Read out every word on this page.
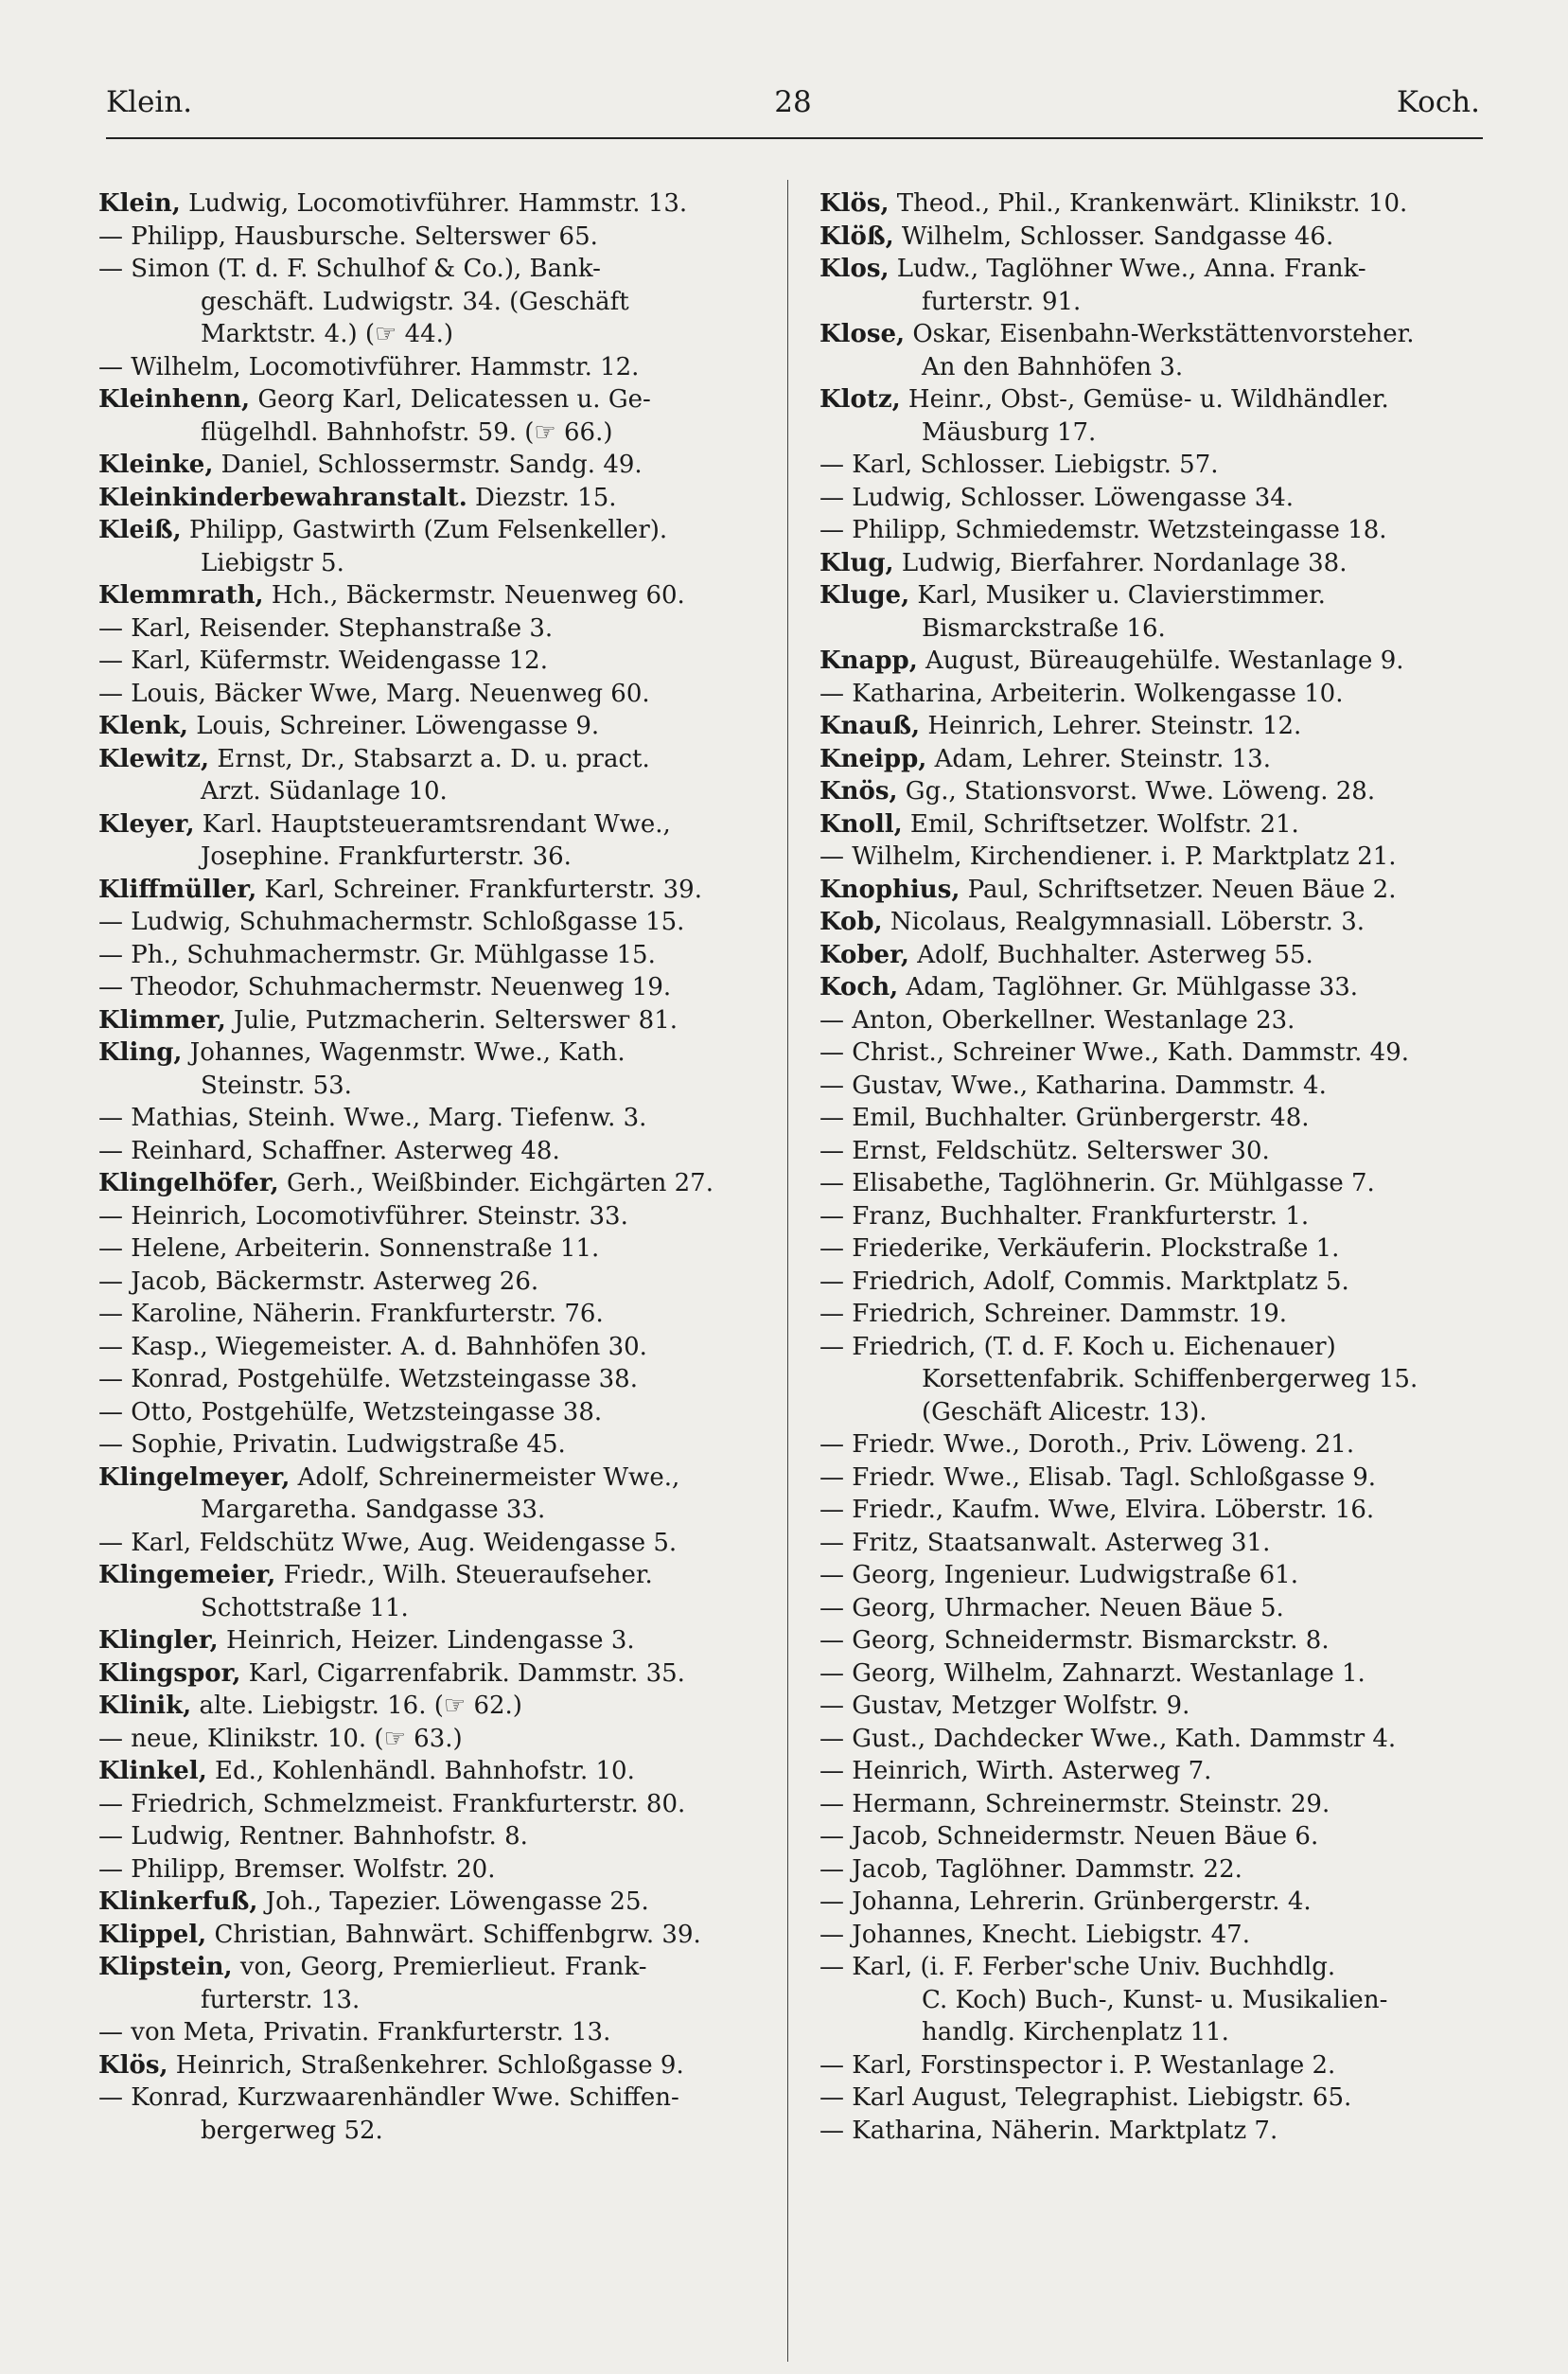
Klein.	28	Koch.
Klein, Ludwig, Locomotivführer. Hammstr. 13.
— Philipp, Hausbursche. Selterswег 65.
— Simon (T. d. F. Schulhof & Co.), Bank-
geschäft. Ludwigstr. 34. (Geschäft
Marktstr. 4.) (☞ 44.)
— Wilhelm, Locomotivführer. Hammstr. 12.
Kleinhenn, Georg Karl, Delicatessen u. Ge-
flügelhdl. Bahnhofstr. 59. (☞ 66.)
Kleinke, Daniel, Schlossermstr. Sandg. 49.
Kleinkinderbewahranstalt. Diezstr. 15.
Kleiß, Philipp, Gastwirth (Zum Felsenkeller).
Liebigstr 5.
Klemmrath, Hch., Bäckermstr. Neuenweg 60.
— Karl, Reisender. Stephanstraße 3.
— Karl, Küfermstr. Weidengasse 12.
— Louis, Bäcker Wwe, Marg. Neuenweg 60.
Klenk, Louis, Schreiner. Löwengasse 9.
Klewitz, Ernst, Dr., Stabsarzt a. D. u. pract.
Arzt. Südanlage 10.
Kleyer, Karl. Hauptsteueramtsrendant Wwe.,
Josephine. Frankfurterstr. 36.
Kliffmüller, Karl, Schreiner. Frankfurterstr. 39.
— Ludwig, Schuhmachermstr. Schloßgasse 15.
— Ph., Schuhmachermstr. Gr. Mühlgasse 15.
— Theodor, Schuhmachermstr. Neuenweg 19.
Klimmer, Julie, Putzmacherin. Selterswег 81.
Kling, Johannes, Wagenmstr. Wwe., Kath.
Steinstr. 53.
— Mathias, Steinh. Wwe., Marg. Tiefenw. 3.
— Reinhard, Schaffner. Asterweg 48.
Klingelhöfer, Gerh., Weißbinder. Eichgärten 27.
— Heinrich, Locomotivführer. Steinstr. 33.
— Helene, Arbeiterin. Sonnenstraße 11.
— Jacob, Bäckermstr. Asterweg 26.
— Karoline, Näherin. Frankfurterstr. 76.
— Kasp., Wiegemeister. A. d. Bahnhöfen 30.
— Konrad, Postgehülfe. Wetzsteingasse 38.
— Otto, Postgehülfe, Wetzsteingasse 38.
— Sophie, Privatin. Ludwigstraße 45.
Klingelmeyer, Adolf, Schreinermeister Wwe.,
Margaretha. Sandgasse 33.
— Karl, Feldschütz Wwe, Aug. Weidengasse 5.
Klingemeier, Friedr., Wilh. Steueraufseher.
Schottstraße 11.
Klingler, Heinrich, Heizer. Lindengasse 3.
Klingspor, Karl, Cigarrenfabrik. Dammstr. 35.
Klinik, alte. Liebigstr. 16. (☞ 62.)
— neue, Klinikstr. 10. (☞ 63.)
Klinkel, Ed., Kohlenhändl. Bahnhofstr. 10.
— Friedrich, Schmelzmeist. Frankfurterstr. 80.
— Ludwig, Rentner. Bahnhofstr. 8.
— Philipp, Bremser. Wolfstr. 20.
Klinkerfuß, Joh., Tapezier. Löwengasse 25.
Klippel, Christian, Bahnwärt. Schiffenbgrw. 39.
Klipstein, von, Georg, Premierlieut. Frank-
furterstr. 13.
— von Meta, Privatin. Frankfurterstr. 13.
Klös, Heinrich, Straßenkehrer. Schloßgasse 9.
— Konrad, Kurzwaarenhändler Wwe. Schiffen-
bergerweg 52.
Klös, Theod., Phil., Krankenwärt. Klinikstr. 10.
Klöß, Wilhelm, Schlosser. Sandgasse 46.
Klos, Ludw., Taglöhner Wwe., Anna. Frank-
furterstr. 91.
Klose, Oskar, Eisenbahn-Werkstättenvorsteher.
An den Bahnhöfen 3.
Klotz, Heinr., Obst-, Gemüse- u. Wildhändler.
Mäusburg 17.
— Karl, Schlosser. Liebigstr. 57.
— Ludwig, Schlosser. Löwengasse 34.
— Philipp, Schmiedemstr. Wetzsteingasse 18.
Klug, Ludwig, Bierfahrer. Nordanlage 38.
Kluge, Karl, Musiker u. Clavierstimmer.
Bismarckstraße 16.
Knapp, August, Büreaugehülfe. Westanlage 9.
— Katharina, Arbeiterin. Wolkengasse 10.
Knauß, Heinrich, Lehrer. Steinstr. 12.
Kneipp, Adam, Lehrer. Steinstr. 13.
Knös, Gg., Stationsvorst. Wwe. Löweng. 28.
Knoll, Emil, Schriftsetzer. Wolfstr. 21.
— Wilhelm, Kirchendiener. i. P. Marktplatz 21.
Knophius, Paul, Schriftsetzer. Neuen Bäue 2.
Kob, Nicolaus, Realgymnasiall. Löberstr. 3.
Kober, Adolf, Buchhalter. Asterweg 55.
Koch, Adam, Taglöhner. Gr. Mühlgasse 33.
— Anton, Oberkellner. Westanlage 23.
— Christ., Schreiner Wwe., Kath. Dammstr. 49.
— Gustav, Wwe., Katharina. Dammstr. 4.
— Emil, Buchhalter. Grünbergerstr. 48.
— Ernst, Feldschütz. Selterswег 30.
— Elisabethe, Taglöhnerin. Gr. Mühlgasse 7.
— Franz, Buchhalter. Frankfurterstr. 1.
— Friederike, Verkäuferin. Plockstraße 1.
— Friedrich, Adolf, Commis. Marktplatz 5.
— Friedrich, Schreiner. Dammstr. 19.
— Friedrich, (T. d. F. Koch u. Eichenauer)
Korsettenfabrik. Schiffenbergerweg 15.
(Geschäft Alicestr. 13).
— Friedr. Wwe., Doroth., Priv. Löweng. 21.
— Friedr. Wwe., Elisab. Tagl. Schloßgasse 9.
— Friedr., Kaufm. Wwe, Elvira. Löberstr. 16.
— Fritz, Staatsanwalt. Asterweg 31.
— Georg, Ingenieur. Ludwigstraße 61.
— Georg, Uhrmacher. Neuen Bäue 5.
— Georg, Schneidermstr. Bismarckstr. 8.
— Georg, Wilhelm, Zahnarzt. Westanlage 1.
— Gustav, Metzger Wolfstr. 9.
— Gust., Dachdecker Wwe., Kath. Dammstr 4.
— Heinrich, Wirth. Asterweg 7.
— Hermann, Schreinermstr. Steinstr. 29.
— Jacob, Schneidermstr. Neuen Bäue 6.
— Jacob, Taglöhner. Dammstr. 22.
— Johanna, Lehrerin. Grünbergerstr. 4.
— Johannes, Knecht. Liebigstr. 47.
— Karl, (i. F. Ferber'sche Univ. Buchhdlg.
C. Koch) Buch-, Kunst- u. Musikalien-
handlg. Kirchenplatz 11.
— Karl, Forstinspector i. P. Westanlage 2.
— Karl August, Telegraphist. Liebigstr. 65.
— Katharina, Näherin. Marktplatz 7.
